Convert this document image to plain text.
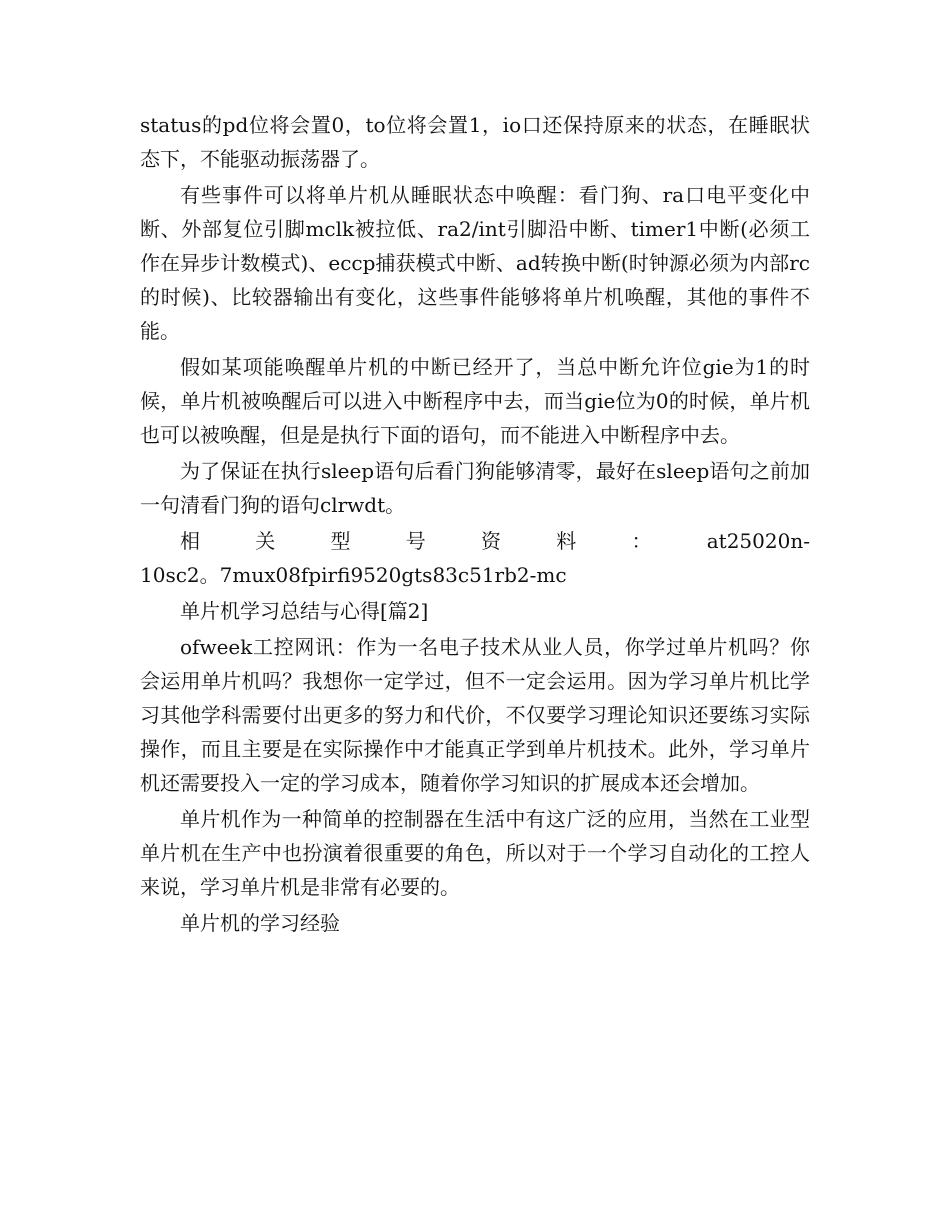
status的pd位将会置0，to位将会置1，io口还保持原来的状态，在睡眠状态下，不能驱动振荡器了。

有些事件可以将单片机从睡眠状态中唤醒：看门狗、ra口电平变化中断、外部复位引脚mclk被拉低、ra2/int引脚沿中断、timer1中断(必须工作在异步计数模式)、eccp捕获模式中断、ad转换中断(时钟源必须为内部rc的时候)、比较器输出有变化，这些事件能够将单片机唤醒，其他的事件不能。

假如某项能唤醒单片机的中断已经开了，当总中断允许位gie为1的时候，单片机被唤醒后可以进入中断程序中去，而当gie位为0的时候，单片机也可以被唤醒，但是是执行下面的语句，而不能进入中断程序中去。

为了保证在执行sleep语句后看门狗能够清零，最好在sleep语句之前加一句清看门狗的语句clrwdt。

相	关	型	号	资	料	：	at25020n-

10sc2。7mux08fpirfi9520gts83c51rb2-mc

单片机学习总结与心得[篇2]

ofweek工控网讯：作为一名电子技术从业人员，你学过单片机吗？你会运用单片机吗？我想你一定学过，但不一定会运用。因为学习单片机比学习其他学科需要付出更多的努力和代价，不仅要学习理论知识还要练习实际操作，而且主要是在实际操作中才能真正学到单片机技术。此外，学习单片机还需要投入一定的学习成本，随着你学习知识的扩展成本还会增加。

单片机作为一种简单的控制器在生活中有这广泛的应用，当然在工业型单片机在生产中也扮演着很重要的角色，所以对于一个学习自动化的工控人来说，学习单片机是非常有必要的。

单片机的学习经验
